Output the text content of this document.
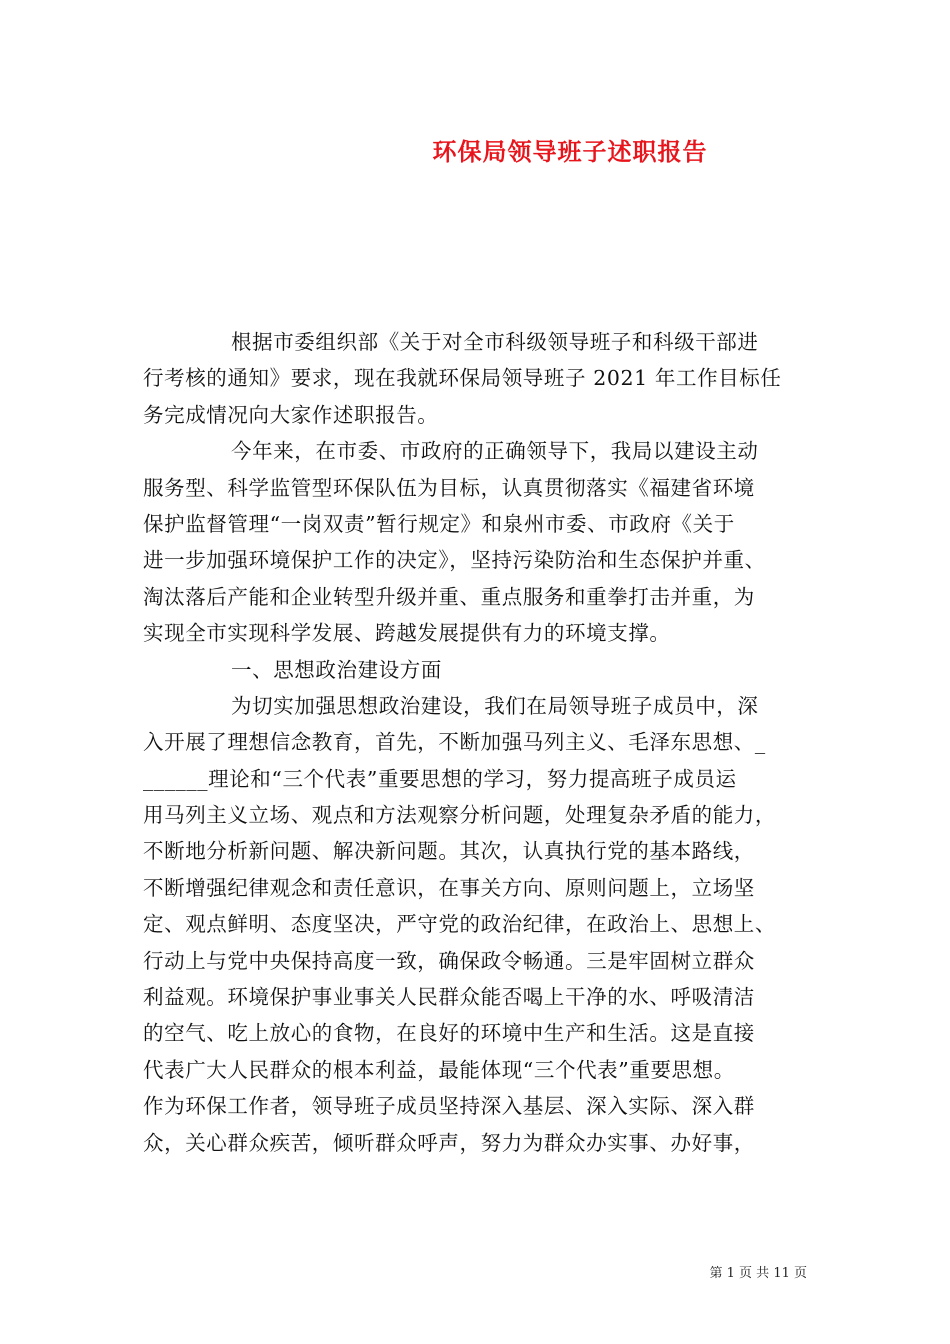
环保局领导班子述职报告
根据市委组织部《关于对全市科级领导班子和科级干部进
行考核的通知》要求，现在我就环保局领导班子 2021 年工作目标任
务完成情况向大家作述职报告。
今年来，在市委、市政府的正确领导下，我局以建设主动
服务型、科学监管型环保队伍为目标，认真贯彻落实《福建省环境
保护监督管理“一岗双责”暂行规定》和泉州市委、市政府《关于
进一步加强环境保护工作的决定》，坚持污染防治和生态保护并重、
淘汰落后产能和企业转型升级并重、重点服务和重拳打击并重，为
实现全市实现科学发展、跨越发展提供有力的环境支撑。
一、思想政治建设方面
为切实加强思想政治建设，我们在局领导班子成员中，深
入开展了理想信念教育，首先，不断加强马列主义、毛泽东思想、_
______理论和“三个代表”重要思想的学习，努力提高班子成员运
用马列主义立场、观点和方法观察分析问题，处理复杂矛盾的能力，
不断地分析新问题、解决新问题。其次，认真执行党的基本路线，
不断增强纪律观念和责任意识，在事关方向、原则问题上，立场坚
定、观点鲜明、态度坚决，严守党的政治纪律，在政治上、思想上、
行动上与党中央保持高度一致，确保政令畅通。三是牢固树立群众
利益观。环境保护事业事关人民群众能否喝上干净的水、呼吸清洁
的空气、吃上放心的食物，在良好的环境中生产和生活。这是直接
代表广大人民群众的根本利益，最能体现“三个代表”重要思想。
作为环保工作者，领导班子成员坚持深入基层、深入实际、深入群
众，关心群众疾苦，倾听群众呼声，努力为群众办实事、办好事，
第 1 页 共 11 页
